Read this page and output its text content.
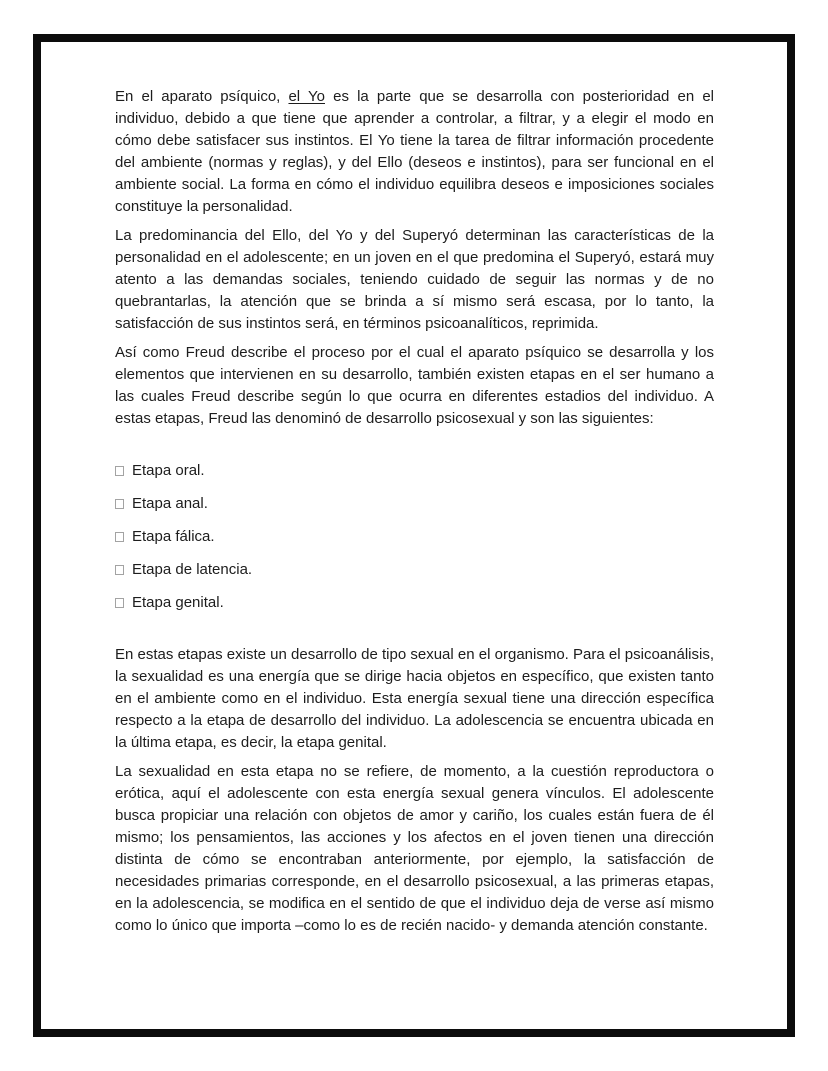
En el aparato psíquico, el Yo es la parte que se desarrolla con posterioridad en el individuo, debido a que tiene que aprender a controlar, a filtrar, y a elegir el modo en cómo debe satisfacer sus instintos. El Yo tiene la tarea de filtrar información procedente del ambiente (normas y reglas), y del Ello (deseos e instintos), para ser funcional en el ambiente social. La forma en cómo el individuo equilibra deseos e imposiciones sociales constituye la personalidad.

La predominancia del Ello, del Yo y del Superyó determinan las características de la personalidad en el adolescente; en un joven en el que predomina el Superyó, estará muy atento a las demandas sociales, teniendo cuidado de seguir las normas y de no quebrantarlas, la atención que se brinda a sí mismo será escasa, por lo tanto, la satisfacción de sus instintos será, en términos psicoanalíticos, reprimida.

Así como Freud describe el proceso por el cual el aparato psíquico se desarrolla y los elementos que intervienen en su desarrollo, también existen etapas en el ser humano a las cuales Freud describe según lo que ocurra en diferentes estadios del individuo. A estas etapas, Freud las denominó de desarrollo psicosexual y son las siguientes:

Etapa oral.
Etapa anal.
Etapa fálica.
Etapa de latencia.
Etapa genital.

En estas etapas existe un desarrollo de tipo sexual en el organismo. Para el psicoanálisis, la sexualidad es una energía que se dirige hacia objetos en específico, que existen tanto en el ambiente como en el individuo. Esta energía sexual tiene una dirección específica respecto a la etapa de desarrollo del individuo. La adolescencia se encuentra ubicada en la última etapa, es decir, la etapa genital.

La sexualidad en esta etapa no se refiere, de momento, a la cuestión reproductora o erótica, aquí el adolescente con esta energía sexual genera vínculos. El adolescente busca propiciar una relación con objetos de amor y cariño, los cuales están fuera de él mismo; los pensamientos, las acciones y los afectos en el joven tienen una dirección distinta de cómo se encontraban anteriormente, por ejemplo, la satisfacción de necesidades primarias corresponde, en el desarrollo psicosexual, a las primeras etapas, en la adolescencia, se modifica en el sentido de que el individuo deja de verse así mismo como lo único que importa –como lo es de recién nacido- y demanda atención constante.
